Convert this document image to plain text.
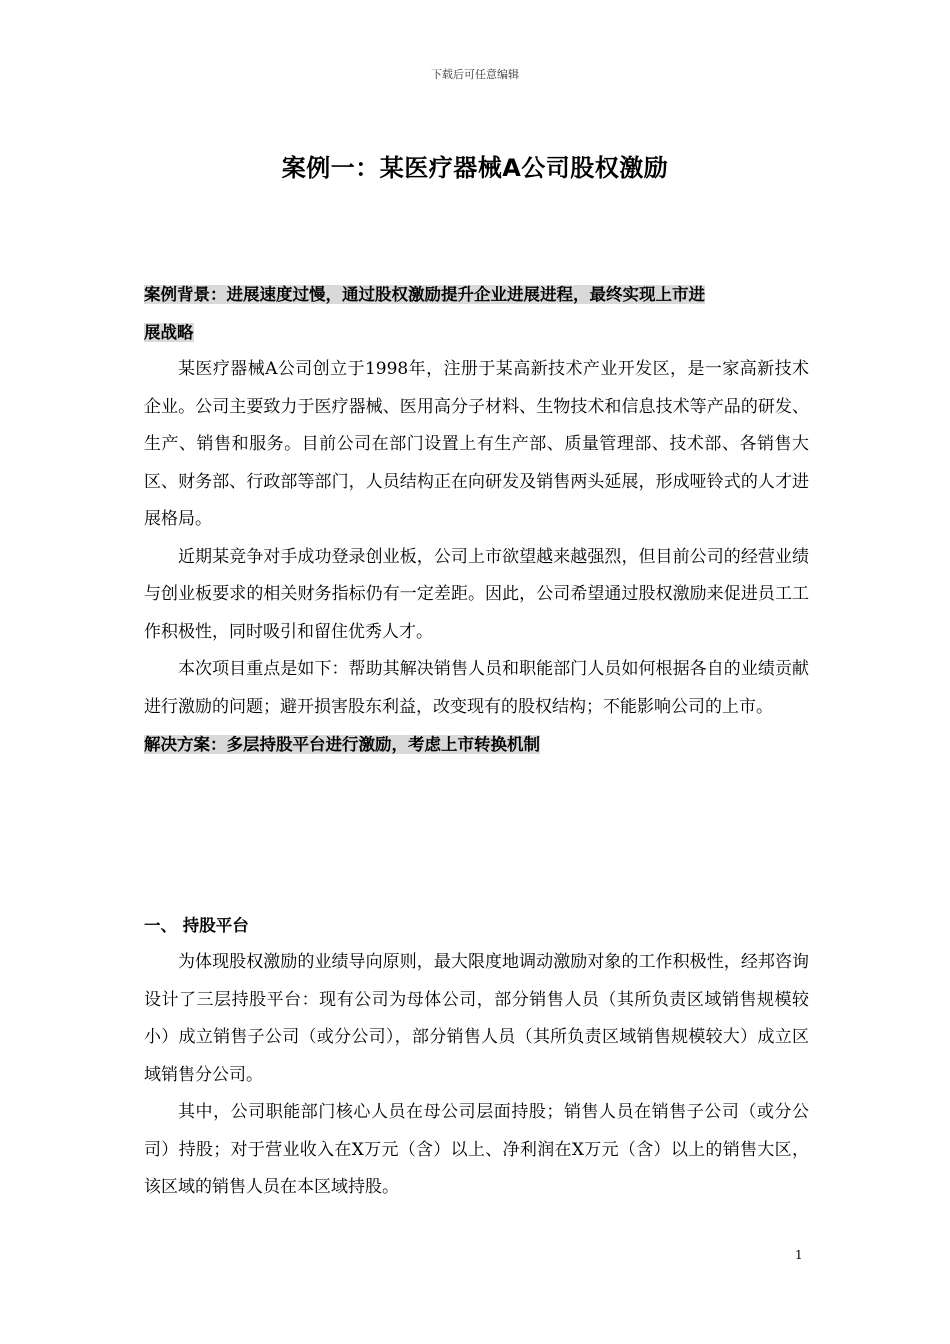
下载后可任意编辑
案例一：某医疗器械A公司股权激励
案例背景：进展速度过慢，通过股权激励提升企业进展进程，最终实现上市进
展战略

某医疗器械A公司创立于1998年，注册于某高新技术产业开发区，是一家高新技术企业。公司主要致力于医疗器械、医用高分子材料、生物技术和信息技术等产品的研发、生产、销售和服务。目前公司在部门设置上有生产部、质量管理部、技术部、各销售大区、财务部、行政部等部门，人员结构正在向研发及销售两头延展，形成哑铃式的人才进展格局。

近期某竞争对手成功登录创业板，公司上市欲望越来越强烈，但目前公司的经营业绩与创业板要求的相关财务指标仍有一定差距。因此，公司希望通过股权激励来促进员工工作积极性，同时吸引和留住优秀人才。

本次项目重点是如下：帮助其解决销售人员和职能部门人员如何根据各自的业绩贡献进行激励的问题；避开损害股东利益，改变现有的股权结构；不能影响公司的上市。

解决方案：多层持股平台进行激励，考虑上市转换机制
一、 持股平台

为体现股权激励的业绩导向原则，最大限度地调动激励对象的工作积极性，经邦咨询设计了三层持股平台：现有公司为母体公司，部分销售人员（其所负责区域销售规模较小）成立销售子公司（或分公司），部分销售人员（其所负责区域销售规模较大）成立区域销售分公司。

其中，公司职能部门核心人员在母公司层面持股；销售人员在销售子公司（或分公司）持股；对于营业收入在X万元（含）以上、净利润在X万元（含）以上的销售大区，该区域的销售人员在本区域持股。

1
